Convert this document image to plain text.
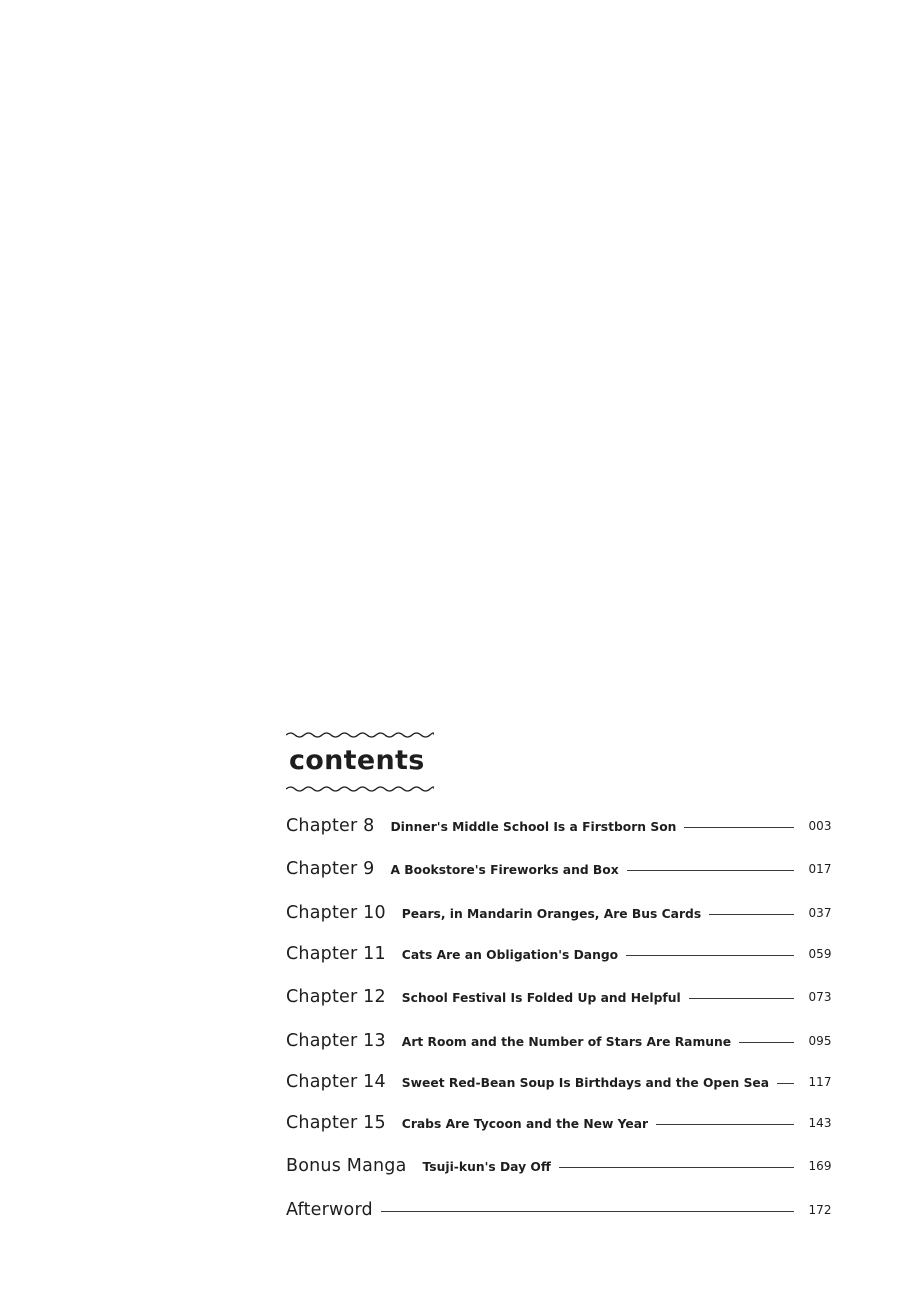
contents
Chapter 8 Dinner's Middle School Is a Firstborn Son	003
Chapter 9 A Bookstore's Fireworks and Box	017
Chapter 10 Pears, in Mandarin Oranges, Are Bus Cards	037
Chapter 11 Cats Are an Obligation's Dango	059
Chapter 12 School Festival Is Folded Up and Helpful	073
Chapter 13 Art Room and the Number of Stars Are Ramune	095
Chapter 14 Sweet Red-Bean Soup Is Birthdays and the Open Sea	117
Chapter 15 Crabs Are Tycoon and the New Year	143
Bonus Manga Tsuji-kun's Day Off	169
Afterword	172
